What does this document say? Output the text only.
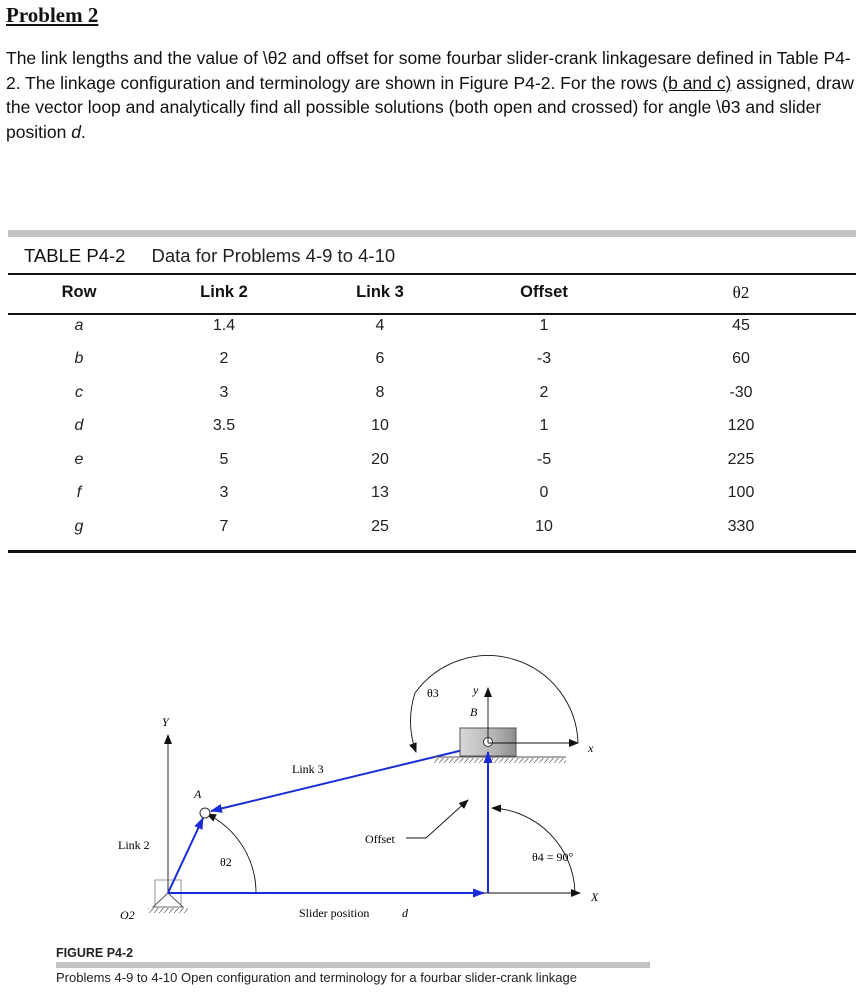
Problem 2

The link lengths and the value of \θ2 and offset for some fourbar slider-crank linkagesare defined in Table P4-2. The linkage configuration and terminology are shown in Figure P4-2. For the rows (b and c) assigned, draw the vector loop and analytically find all possible solutions (both open and crossed) for angle \θ3 and slider position d.

TABLE P4-2 Data for Problems 4-9 to 4-10

Row	Link 2	Link 3	Offset	θ2
a	1.4	4	1	45
b	2	6	-3	60
c	3	8	2	-30
d	3.5	10	1	120
e	5	20	-5	225
f	3	13	0	100
g	7	25	10	330
Y
X
O2
θ2
A
Link 2
Link 3
B
x
y
θ3
Offset
Slider position	d
θ4 = 90°

FIGURE P4-2

Problems 4-9 to 4-10 Open configuration and terminology for a fourbar slider-crank linkage
